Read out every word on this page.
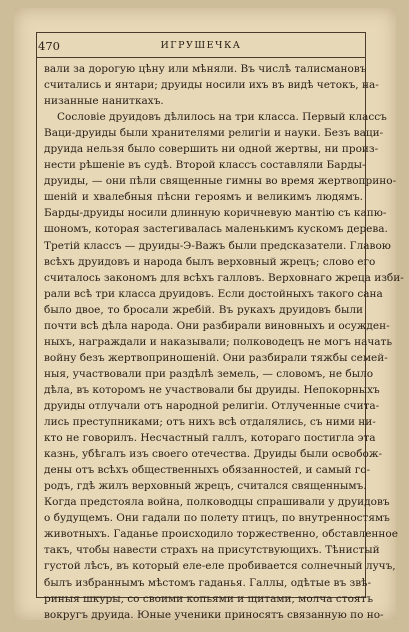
470	ИГРУШЕЧКА
вали за дорогую цѣну или мѣняли. Въ числѣ талисмановъ
считались и янтари; друиды носили ихъ въ видѣ четокъ, на-
низанные наниткахъ.
Сословіе друидовъ дѣлилось на три класса. Первый классъ
Ваци-друиды были хранителями религіи и науки. Безъ ваци-
друида нельзя было совершить ни одной жертвы, ни произ-
нести рѣшеніе въ судѣ. Второй классъ составляли Барды-
друиды, — они пѣли священные гимны во время жертвоприно-
шеній и хвалебныя пѣсни героямъ и великимъ людямъ.
Барды-друиды носили длинную коричневую мантію съ капю-
шономъ, которая застегивалась маленькимъ кускомъ дерева.
Третій классъ — друиды-Э-Важъ были предсказатели. Главою
всѣхъ друидовъ и народа былъ верховный жрецъ; слово его
считалось закономъ для всѣхъ галловъ. Верховнаго жреца изби-
рали всѣ три класса друидовъ. Если достойныхъ такого сана
было двое, то бросали жребій. Въ рукахъ друидовъ были
почти всѣ дѣла народа. Они разбирали виновныхъ и осужден-
ныхъ, награждали и наказывали; полководецъ не могъ начать
войну безъ жертвоприношеній. Они разбирали тяжбы семей-
ныя, участвовали при раздѣлѣ земель, — словомъ, не было
дѣла, въ которомъ не участвовали бы друиды. Непокорныхъ
друиды отлучали отъ народной религіи. Отлученные счита-
лись преступниками; отъ нихъ всѣ отдалялись, съ ними ни-
кто не говорилъ. Несчастный галлъ, котораго постигла эта
казнь, убѣгалъ изъ своего отечества. Друиды были освобож-
дены отъ всѣхъ общественныхъ обязанностей, и самый го-
родъ, гдѣ жилъ верховный жрецъ, считался священнымъ.
Когда предстояла война, полководцы спрашивали у друидовъ
о будущемъ. Они гадали по полету птицъ, по внутренностямъ
животныхъ. Гаданье происходило торжественно, обставленное
такъ, чтобы навести страхъ на присутствующихъ. Тѣнистый
густой лѣсъ, въ который еле-еле пробивается солнечный лучъ,
былъ избраннымъ мѣстомъ гаданья. Галлы, одѣтые въ звѣ-
риныя шкуры, со своими копьями и щитами, молча стоятъ
вокругъ друида. Юные ученики приносятъ связанную по но-
